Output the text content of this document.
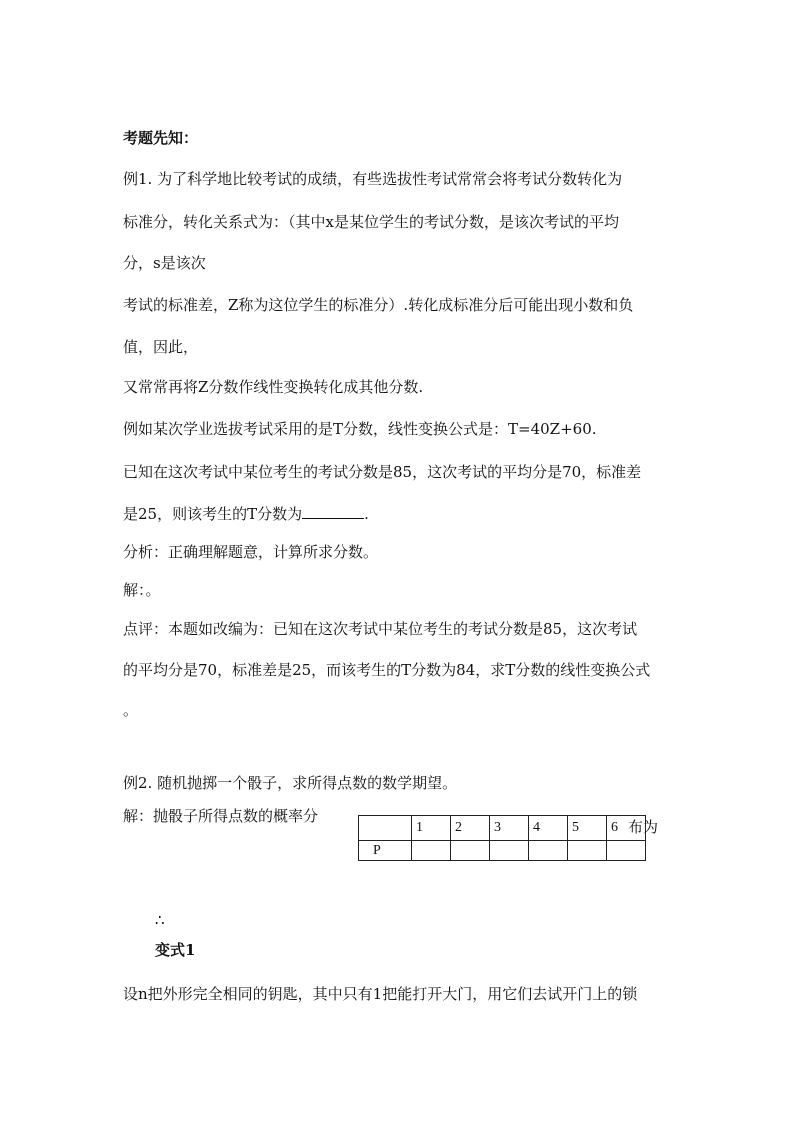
考题先知：
例1. 为了科学地比较考试的成绩，有些选拔性考试常常会将考试分数转化为
标准分，转化关系式为：（其中x是某位学生的考试分数，是该次考试的平均
分，s是该次
考试的标准差，Z称为这位学生的标准分）.转化成标准分后可能出现小数和负
值，因此，
又常常再将Z分数作线性变换转化成其他分数.
例如某次学业选拔考试采用的是T分数，线性变换公式是：T=40Z+60.
已知在这次考试中某位考生的考试分数是85，这次考试的平均分是70，标准差
是25，则该考生的T分数为	.
分析：正确理解题意，计算所求分数。
解：。
点评：本题如改编为：已知在这次考试中某位考生的考试分数是85，这次考试
的平均分是70，标准差是25，而该考生的T分数为84，求T分数的线性变换公式
。
例2. 随机抛掷一个骰子，求所得点数的数学期望。
解：抛骰子所得点数的概率分
	1	2	3	4	5	6
P						
布为
∴
变式1
设n把外形完全相同的钥匙，其中只有1把能打开大门，用它们去试开门上的锁
